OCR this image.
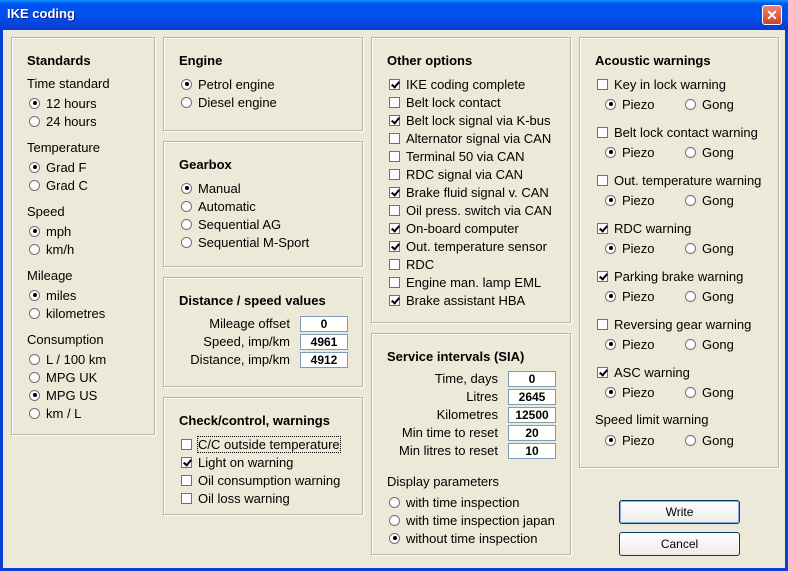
IKE coding	✕
Standards
Time standard
12 hours
24 hours
Temperature
Grad F
Grad C
Speed
mph
km/h
Mileage
miles
kilometres
Consumption
L / 100 km
MPG UK
MPG US
km / L
Engine
Petrol engine
Diesel engine
Gearbox
Manual
Automatic
Sequential AG
Sequential M-Sport
Distance / speed values
Mileage offset	0
Speed, imp/km	4961
Distance, imp/km	4912
Check/control, warnings
C/C outside temperature
Light on warning
Oil consumption warning
Oil loss warning
Other options
IKE coding complete
Belt lock contact
Belt lock signal via K-bus
Alternator signal via CAN
Terminal 50 via CAN
RDC signal via CAN
Brake fluid signal v. CAN
Oil press. switch via CAN
On-board computer
Out. temperature sensor
RDC
Engine man. lamp EML
Brake assistant HBA
Service intervals (SIA)
Time, days	0
Litres	2645
Kilometres	12500
Min time to reset	20
Min litres to reset	10
Display parameters
with time inspection
with time inspection japan
without time inspection
Acoustic warnings
Key in lock warning
Piezo	Gong
Belt lock contact warning
Piezo	Gong
Out. temperature warning
Piezo	Gong
RDC warning
Piezo	Gong
Parking brake warning
Piezo	Gong
Reversing gear warning
Piezo	Gong
ASC warning
Piezo	Gong
Speed limit warning
Piezo	Gong
Write
Cancel
